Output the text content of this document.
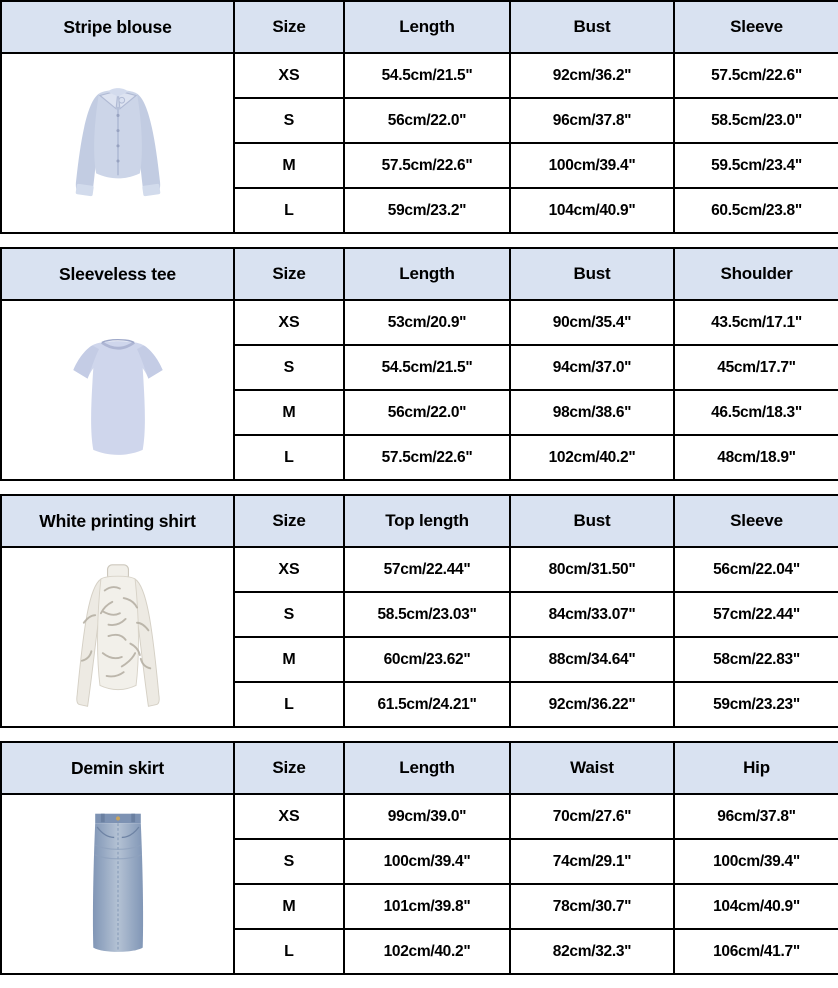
Stripe blouse	Size	Length	Bust	Sleeve

	XS	54.5cm/21.5"	92cm/36.2"	57.5cm/22.6"
	S	56cm/22.0"	96cm/37.8"	58.5cm/23.0"
	M	57.5cm/22.6"	100cm/39.4"	59.5cm/23.4"
	L	59cm/23.2"	104cm/40.9"	60.5cm/23.8"
Sleeveless tee	Size	Length	Bust	Shoulder

	XS	53cm/20.9"	90cm/35.4"	43.5cm/17.1"
	S	54.5cm/21.5"	94cm/37.0"	45cm/17.7"
	M	56cm/22.0"	98cm/38.6"	46.5cm/18.3"
	L	57.5cm/22.6"	102cm/40.2"	48cm/18.9"
White printing shirt	Size	Top length	Bust	Sleeve

	XS	57cm/22.44"	80cm/31.50"	56cm/22.04"
	S	58.5cm/23.03"	84cm/33.07"	57cm/22.44"
	M	60cm/23.62"	88cm/34.64"	58cm/22.83"
	L	61.5cm/24.21"	92cm/36.22"	59cm/23.23"
Demin skirt	Size	Length	Waist	Hip

	XS	99cm/39.0"	70cm/27.6"	96cm/37.8"
	S	100cm/39.4"	74cm/29.1"	100cm/39.4"
	M	101cm/39.8"	78cm/30.7"	104cm/40.9"
	L	102cm/40.2"	82cm/32.3"	106cm/41.7"
